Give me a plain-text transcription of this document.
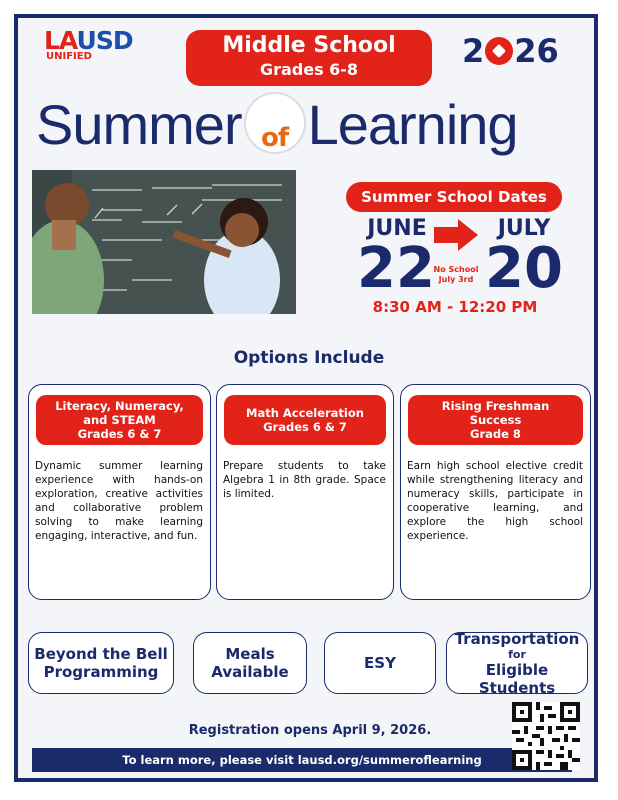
LAUSD
UNIFIED	Middle School
Grades 6-8	2 26
Summer of Learning
Summer School Dates
JUNE	JULY
22 20
No School
July 3rd
8:30 AM - 12:20 PM
Options Include
Literacy, Numeracy,
and STEAM
Grades 6 & 7
Dynamic summer learning experience with hands-on exploration, creative activities and collaborative problem solving to make learning engaging, interactive, and fun.
Math Acceleration
Grades 6 & 7
Prepare students to take Algebra 1 in 8th grade. Space is limited.
Rising Freshman Success
Grade 8
Earn high school elective credit while strengthening literacy and numeracy skills, participate in cooperative learning, and explore the high school experience.
Beyond the Bell
Programming
Meals
Available	ESY
Transportation
for
Eligible Students
Registration opens April 9, 2026.
To learn more, please visit lausd.org/summeroflearning
